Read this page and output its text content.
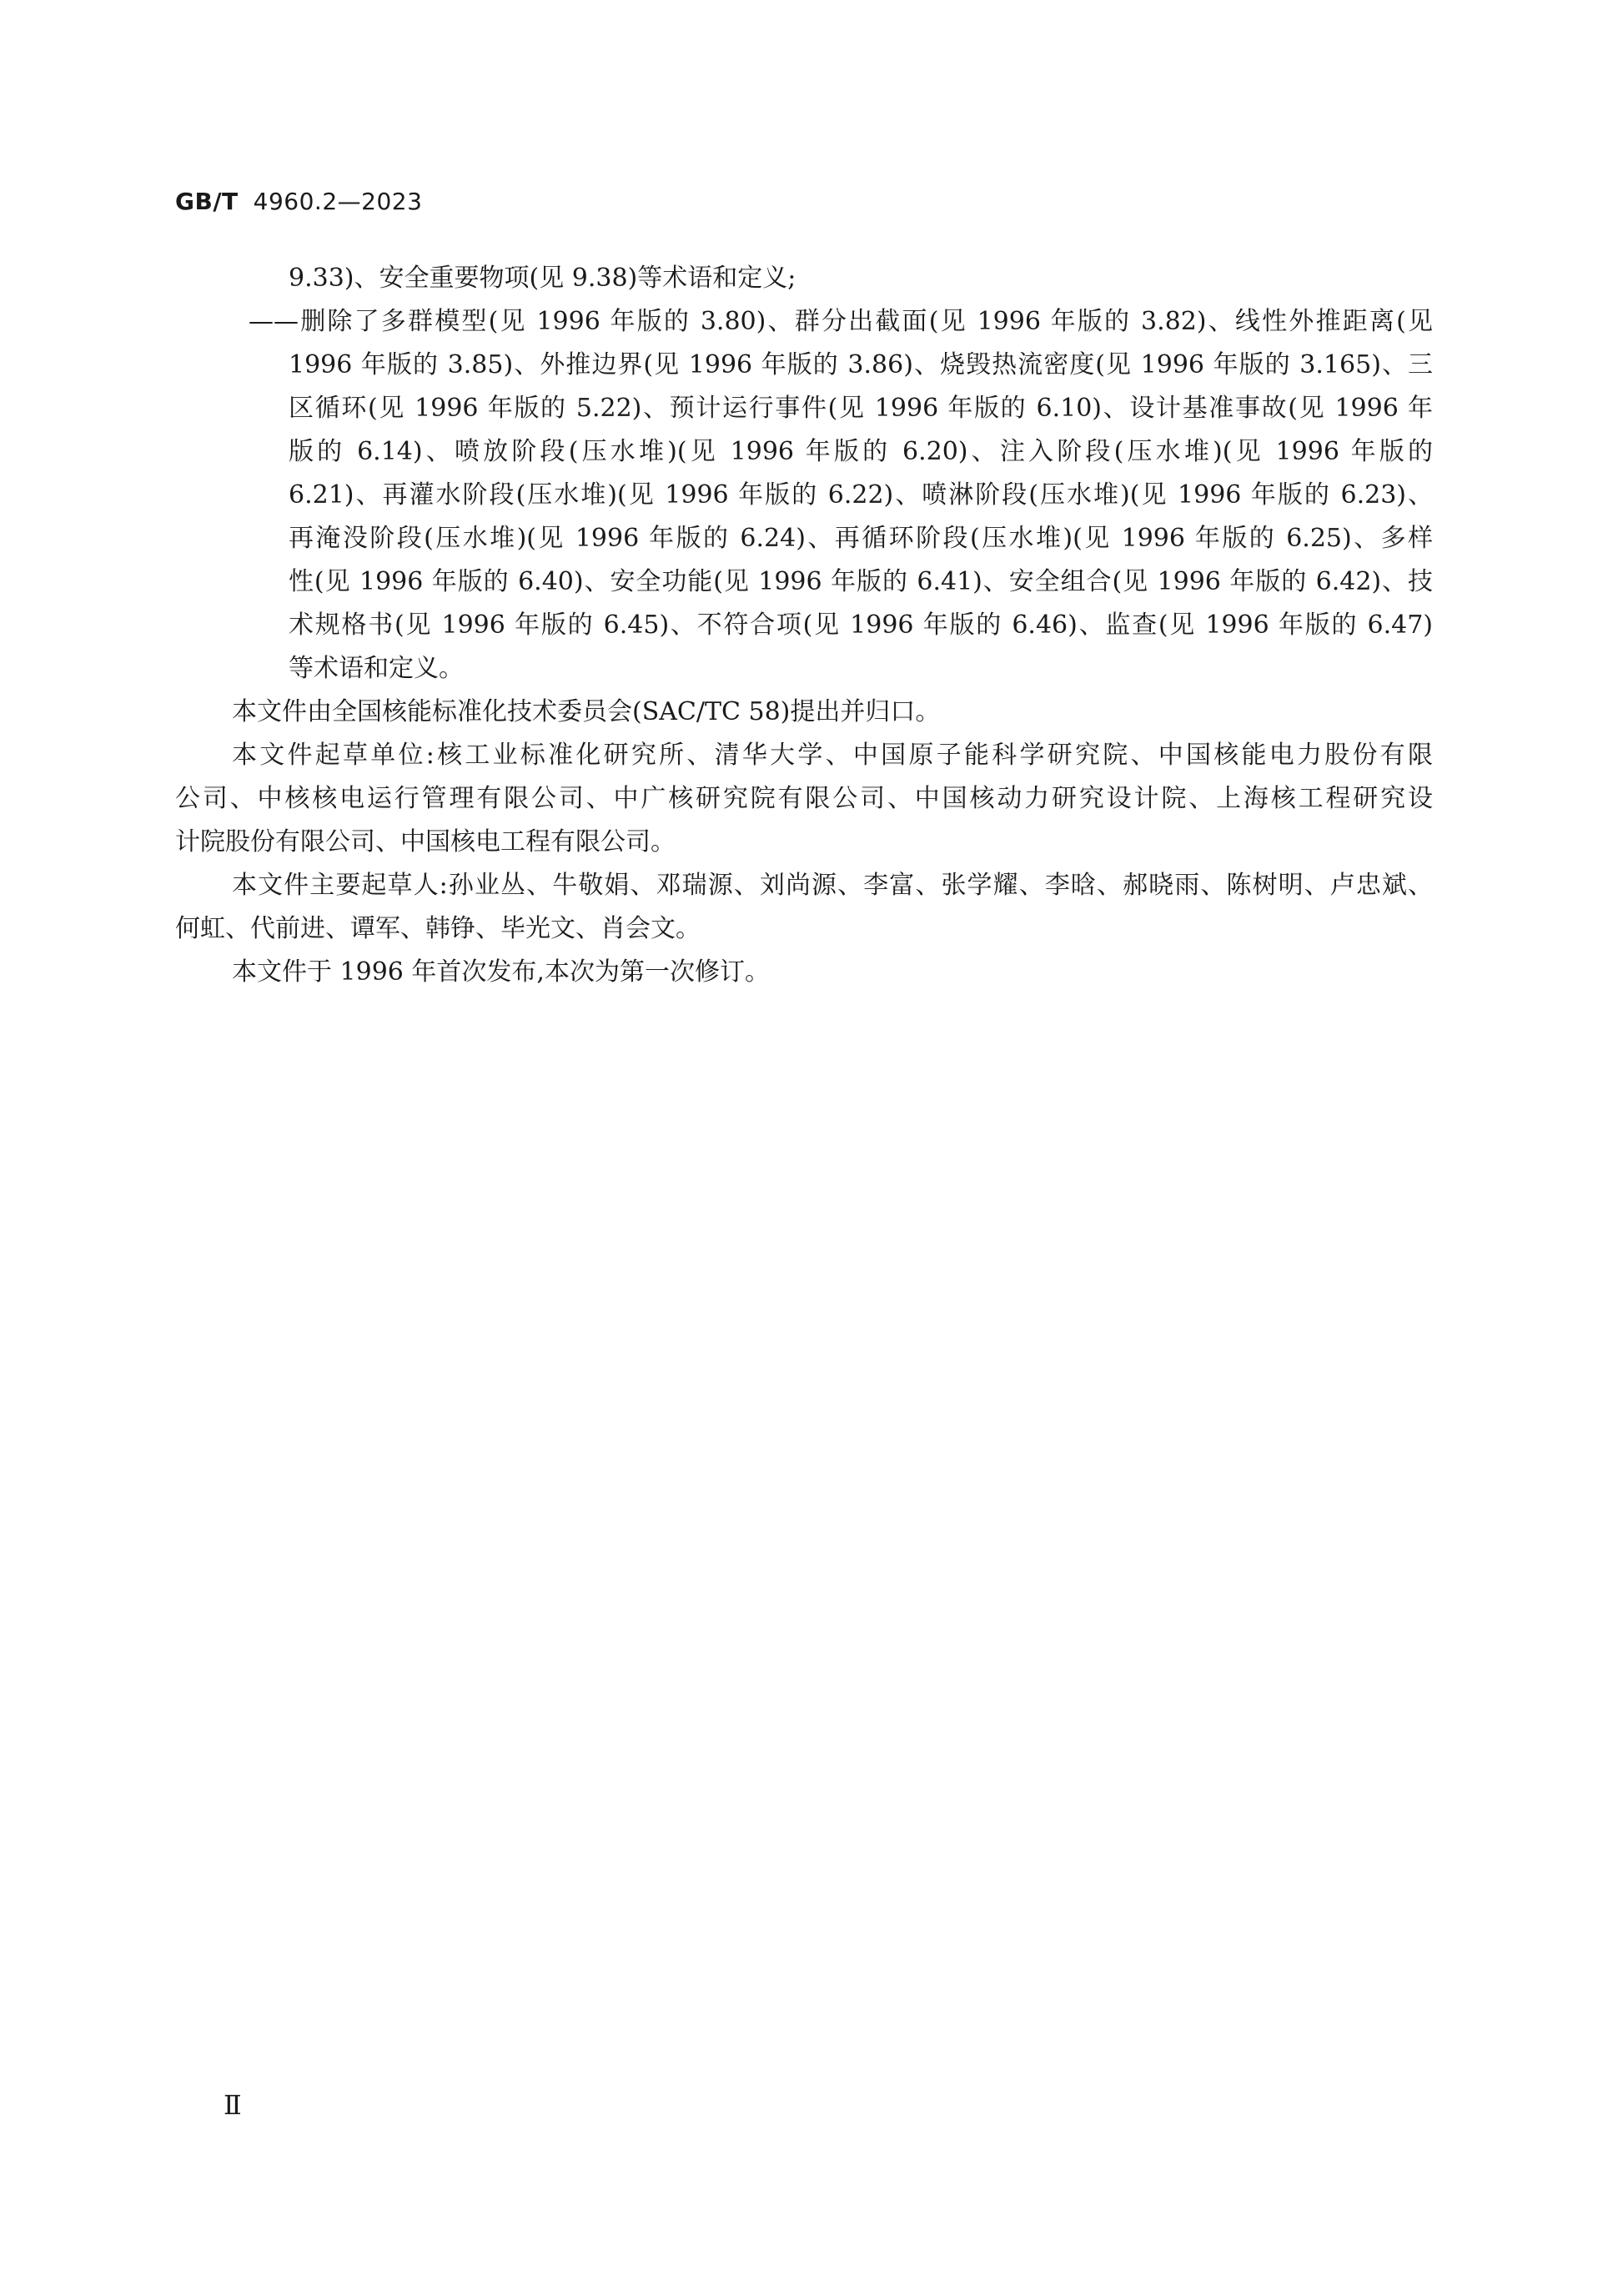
GB/T 4960.2—2023
9.33)、安全重要物项(见 9.38)等术语和定义;
——删除了多群模型(见 1996 年版的 3.80)、群分出截面(见 1996 年版的 3.82)、线性外推距离(见
1996 年版的 3.85)、外推边界(见 1996 年版的 3.86)、烧毁热流密度(见 1996 年版的 3.165)、三
区循环(见 1996 年版的 5.22)、预计运行事件(见 1996 年版的 6.10)、设计基准事故(见 1996 年
版的 6.14)、喷放阶段(压水堆)(见 1996 年版的 6.20)、注入阶段(压水堆)(见 1996 年版的
6.21)、再灌水阶段(压水堆)(见 1996 年版的 6.22)、喷淋阶段(压水堆)(见 1996 年版的 6.23)、
再淹没阶段(压水堆)(见 1996 年版的 6.24)、再循环阶段(压水堆)(见 1996 年版的 6.25)、多样
性(见 1996 年版的 6.40)、安全功能(见 1996 年版的 6.41)、安全组合(见 1996 年版的 6.42)、技
术规格书(见 1996 年版的 6.45)、不符合项(见 1996 年版的 6.46)、监查(见 1996 年版的 6.47)
等术语和定义。
本文件由全国核能标准化技术委员会(SAC/TC 58)提出并归口。
本文件起草单位:核工业标准化研究所、清华大学、中国原子能科学研究院、中国核能电力股份有限
公司、中核核电运行管理有限公司、中广核研究院有限公司、中国核动力研究设计院、上海核工程研究设
计院股份有限公司、中国核电工程有限公司。
本文件主要起草人:孙业丛、牛敬娟、邓瑞源、刘尚源、李富、张学耀、李晗、郝晓雨、陈树明、卢忠斌、
何虹、代前进、谭军、韩铮、毕光文、肖会文。
本文件于 1996 年首次发布,本次为第一次修订。
Ⅱ
